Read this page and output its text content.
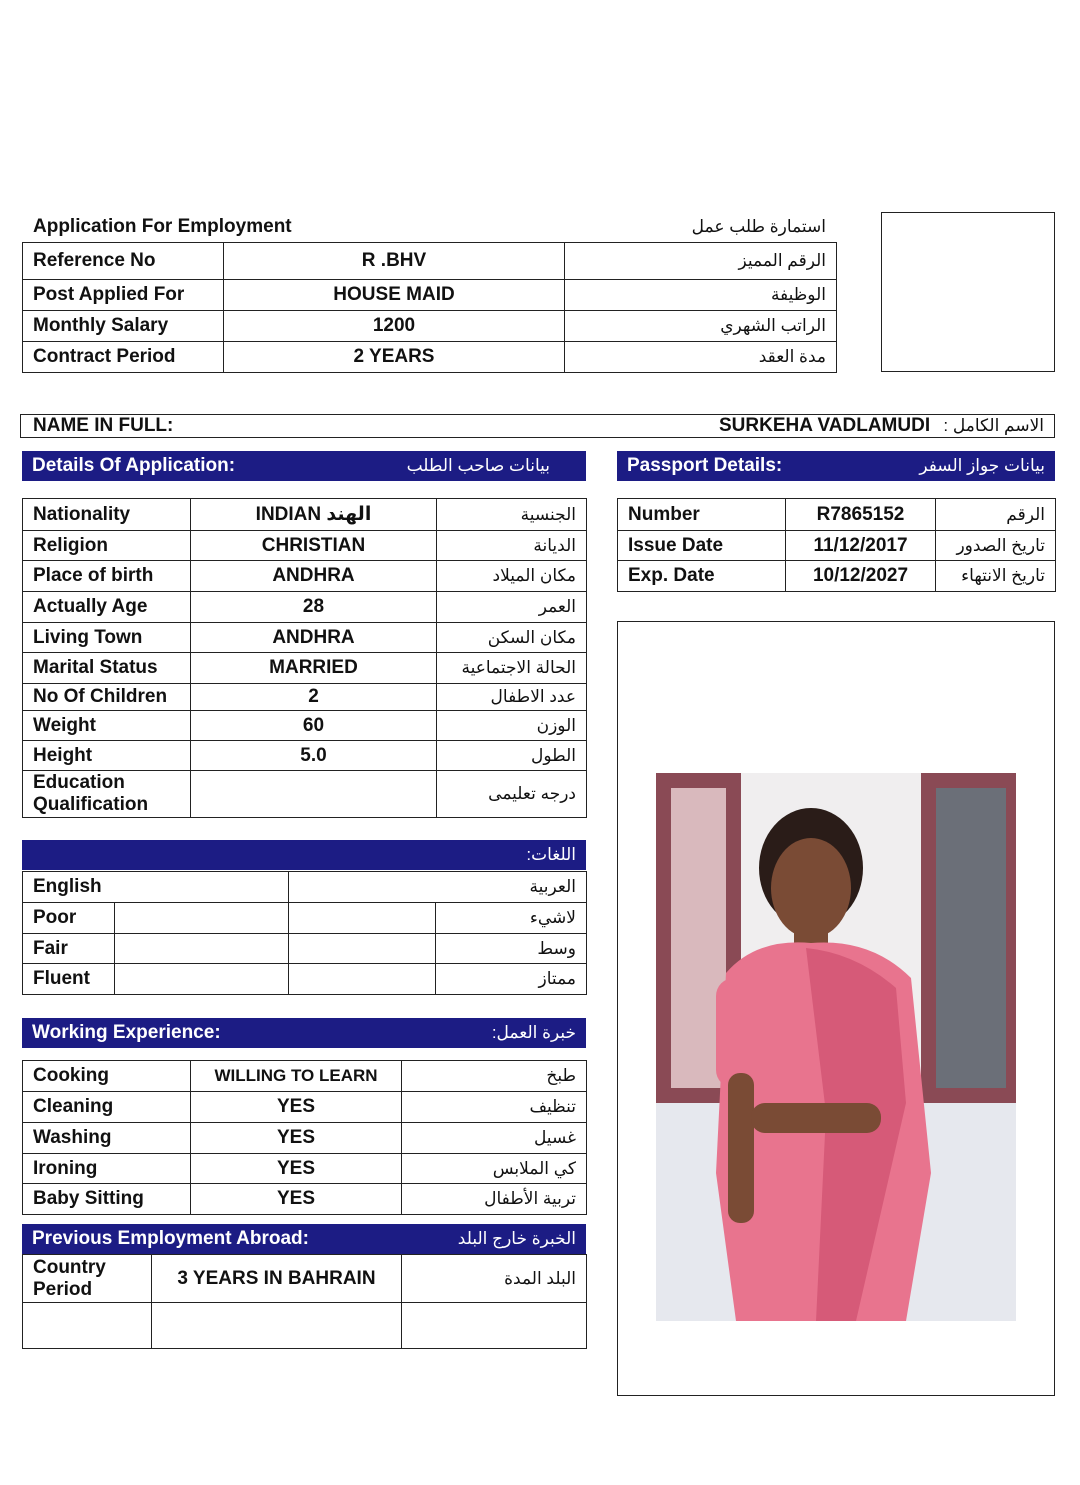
Application For Employment	استمارة طلب عمل
Reference No	R .BHV	الرقم المميز
Post Applied For	HOUSE MAID	الوظيفة
Monthly Salary	1200	الراتب الشهري
Contract Period	2 YEARS	مدة العقد
NAME IN FULL:	SURKEHA VADLAMUDI الاسم الكامل :
Details Of Application:	بيانات صاحب الطلب	Passport Details:	بيانات جواز السفر
Nationality	INDIAN الهند	الجنسية
Religion	CHRISTIAN	الديانة
Place of birth	ANDHRA	مكان الميلاد
Actually Age	28	العمر
Living Town	ANDHRA	مكان السكن
Marital Status	MARRIED	الحالة الاجتماعية
No Of Children	2	عدد الاطفال
Weight	60	الوزن
Height	5.0	الطول
Education Qualification		درجه تعليمى
Number	R7865152	الرقم
Issue Date	11/12/2017	تاريخ الصدور
Exp. Date	10/12/2027	تاريخ الانتهاء
اللغات:
English		العربية	
Poor			لاشيء
Fair			وسط
Fluent			ممتاز
Working Experience:	خبرة العمل:
Cooking	WILLING TO LEARN	طبخ
Cleaning	YES	تنظيف
Washing	YES	غسيل
Ironing	YES	كي الملابس
Baby Sitting	YES	تربية الأطفال
Previous Employment Abroad:	الخبرة خارج البلد
Country Period	3 YEARS IN BAHRAIN	البلد المدة
